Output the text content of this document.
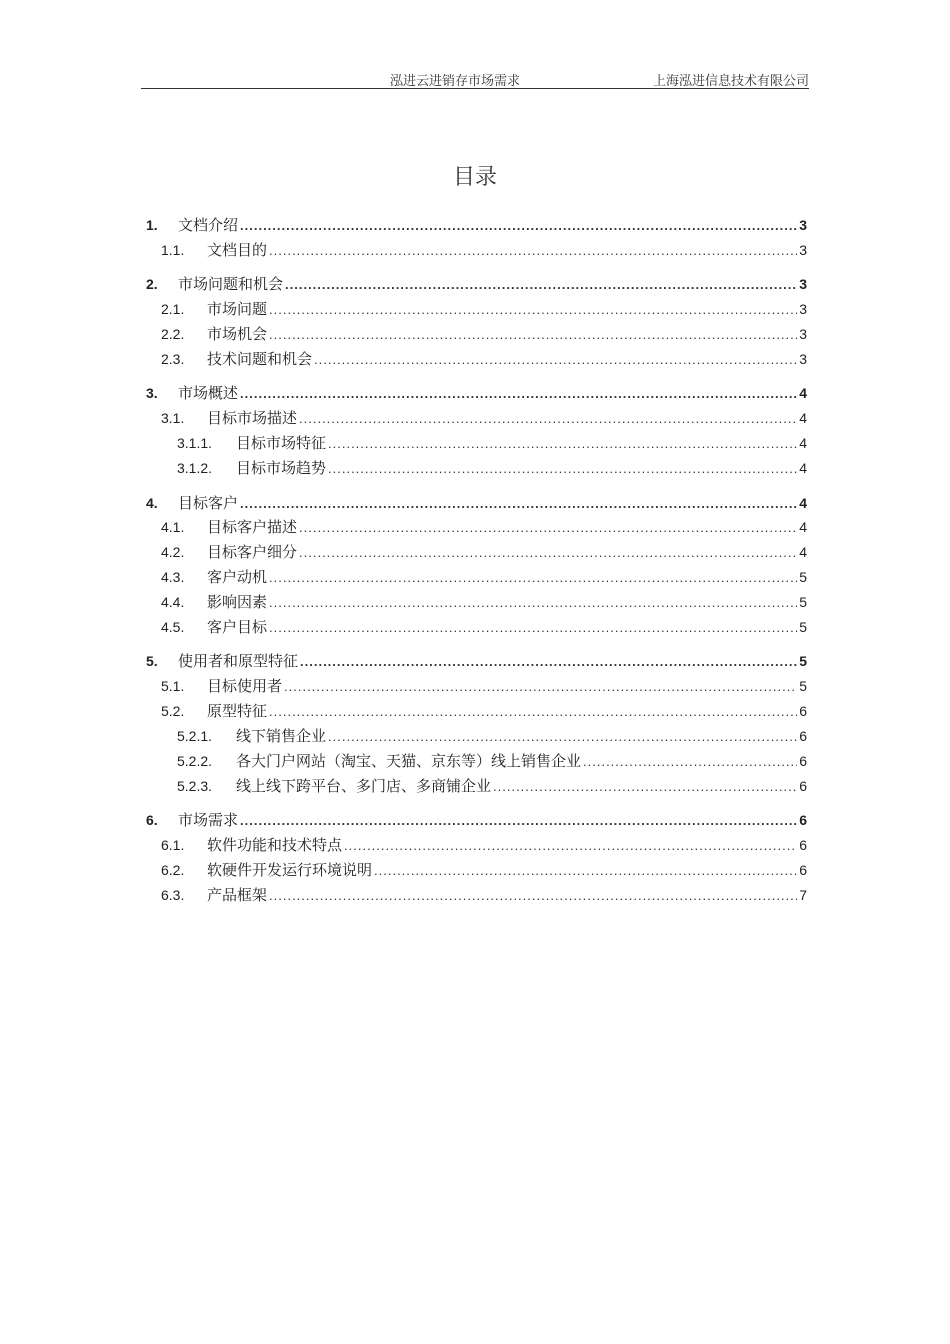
泓进云进销存市场需求	上海泓进信息技术有限公司
目录
1.	文档介绍 .....	3
1.1.	文档目的 .....	3
2.	市场问题和机会 .....	3
2.1.	市场问题 .....	3
2.2.	市场机会 .....	3
2.3.	技术问题和机会 .....	3
3.	市场概述 .....	4
3.1.	目标市场描述 .....	4
3.1.1.	目标市场特征 .....	4
3.1.2.	目标市场趋势 .....	4
4.	目标客户 .....	4
4.1.	目标客户描述 .....	4
4.2.	目标客户细分 .....	4
4.3.	客户动机 .....	5
4.4.	影响因素 .....	5
4.5.	客户目标 .....	5
5.	使用者和原型特征 .....	5
5.1.	目标使用者 .....	5
5.2.	原型特征 .....	6
5.2.1.	线下销售企业 .....	6
5.2.2.	各大门户网站（淘宝、天猫、京东等）线上销售企业 .....	6
5.2.3.	线上线下跨平台、多门店、多商铺企业 .....	6
6.	市场需求 .....	6
6.1.	软件功能和技术特点 .....	6
6.2.	软硬件开发运行环境说明 .....	6
6.3.	产品框架 .....	7
